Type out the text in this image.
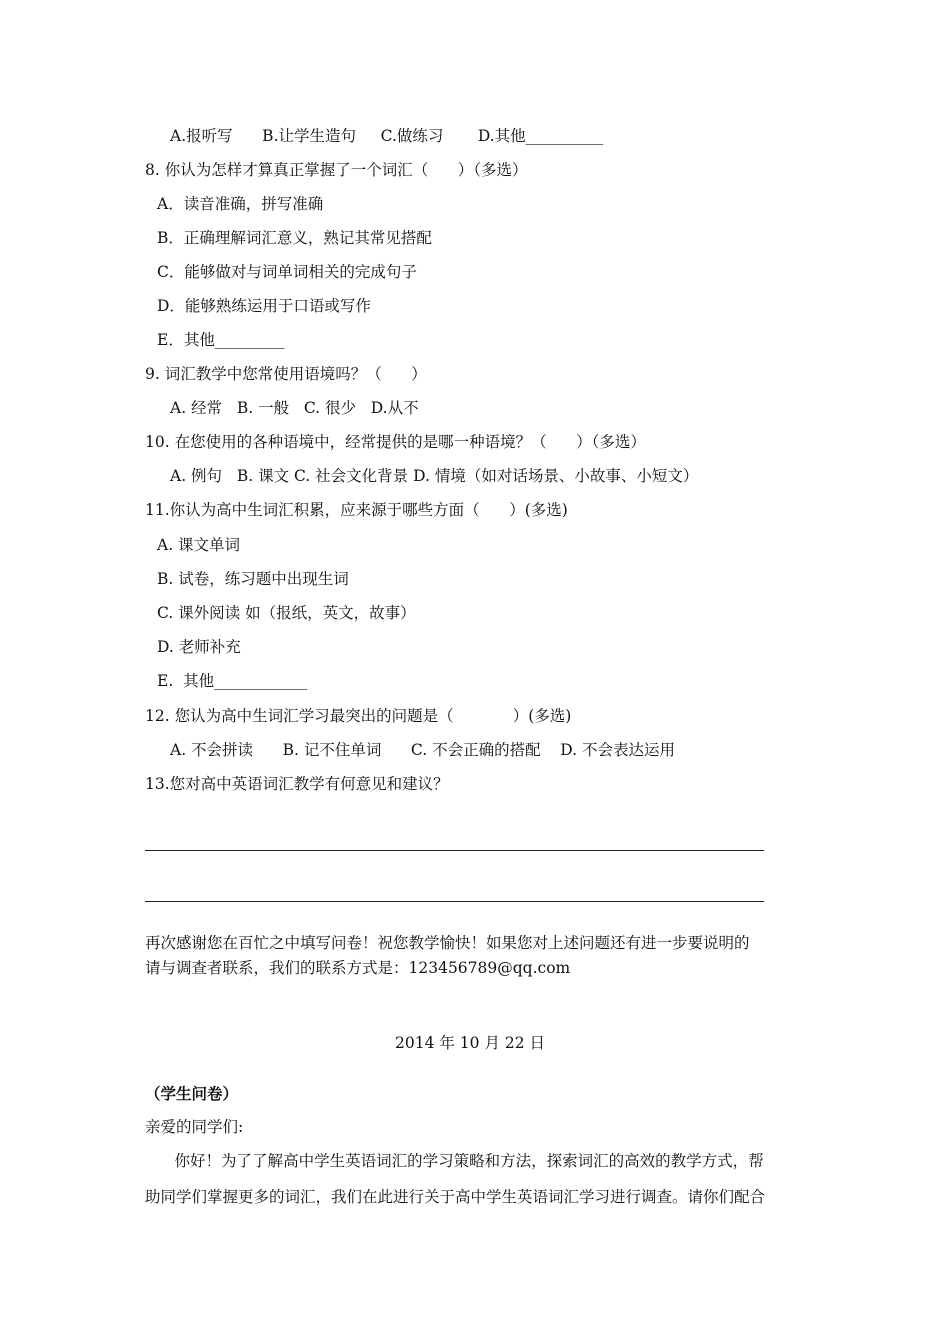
A.报听写      B.让学生造句     C.做练习       D.其他__________
8. 你认为怎样才算真正掌握了一个词汇（      ）（多选）
A．读音准确，拼写准确
B．正确理解词汇意义，熟记其常见搭配
C．能够做对与词单词相关的完成句子
D．能够熟练运用于口语或写作
E．其他_________
9. 词汇教学中您常使用语境吗？（      ）
A. 经常   B. 一般   C. 很少   D.从不
10. 在您使用的各种语境中，经常提供的是哪一种语境？（      ）（多选）
A. 例句   B. 课文 C. 社会文化背景 D. 情境（如对话场景、小故事、小短文）
11.你认为高中生词汇积累，应来源于哪些方面（      ）(多选)
A. 课文单词
B. 试卷，练习题中出现生词
C. 课外阅读 如（报纸，英文，故事）
D. 老师补充
E.  其他____________
12. 您认为高中生词汇学习最突出的问题是（            ）(多选)
A. 不会拼读      B. 记不住单词      C. 不会正确的搭配    D. 不会表达运用
13.您对高中英语词汇教学有何意见和建议？
再次感谢您在百忙之中填写问卷！祝您教学愉快！如果您对上述问题还有进一步要说明的
请与调查者联系，我们的联系方式是：123456789@qq.com
2014 年 10 月 22 日
（学生问卷）
亲爱的同学们:
你好！为了了解高中学生英语词汇的学习策略和方法，探索词汇的高效的教学方式，帮
助同学们掌握更多的词汇，我们在此进行关于高中学生英语词汇学习进行调查。请你们配合
